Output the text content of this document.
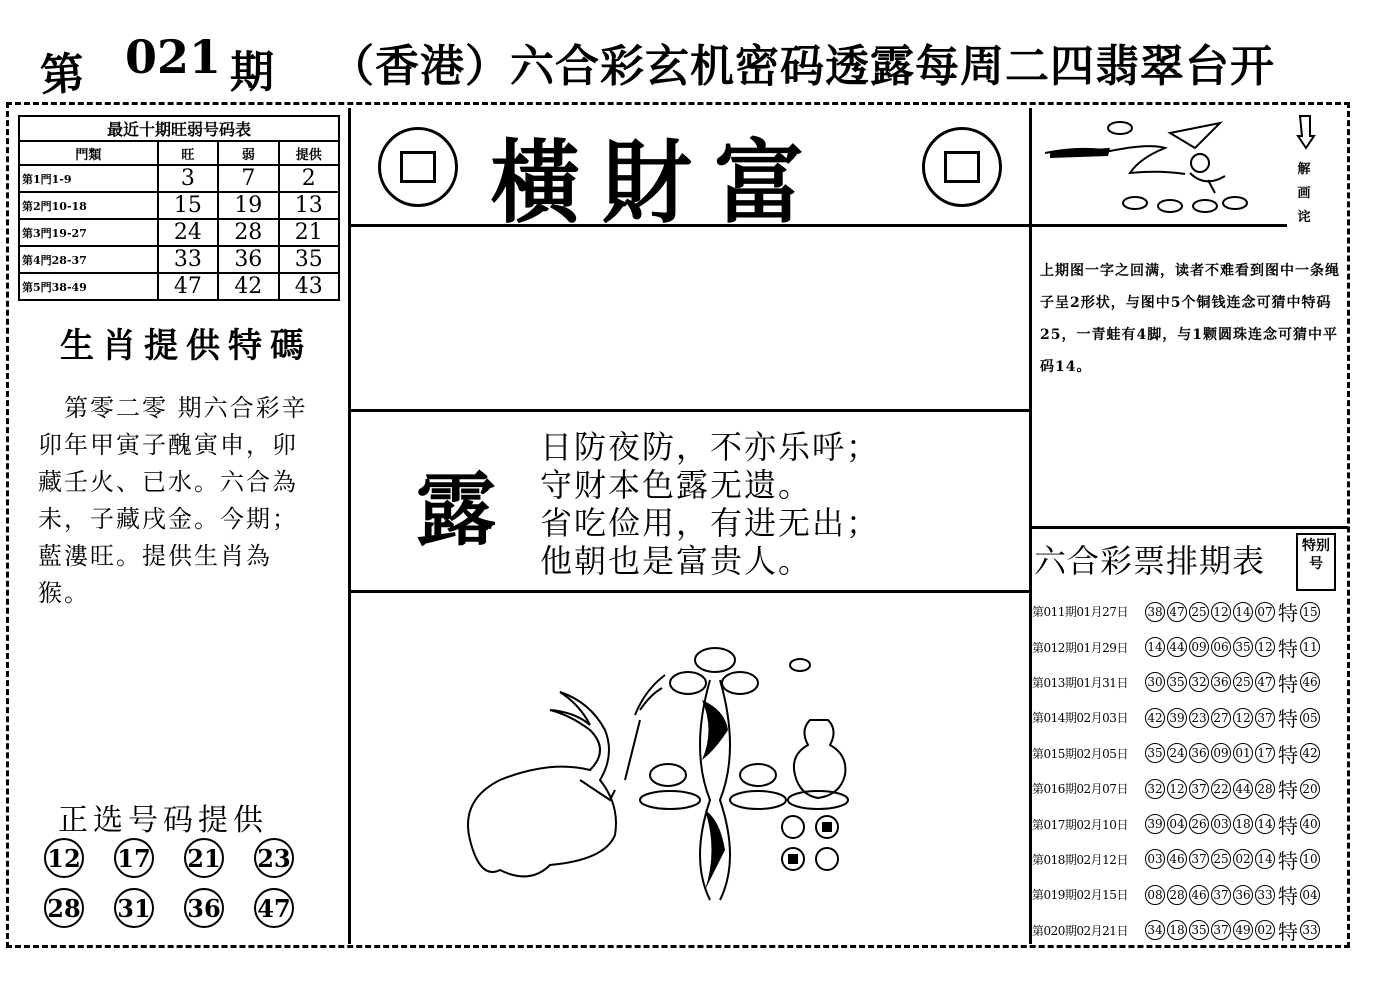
第 021 期 （香港）六合彩玄机密码透露每周二四翡翠台开
最近十期旺弱号码表			
門類	旺	弱	提供
第1門1-9	3	7	2
第2門10-18	15	19	13
第3門19-27	24	28	21
第4門28-37	33	36	35
第5門38-49	47	42	43
生肖提供特碼
　第零二零 期六合彩辛卯年甲寅子醜寅申，卯藏壬火、已水。六合為未，子藏戌金。今期；藍漊旺。提供生肖為猴。
正选号码提供
12 17 21 23
28 31 36 47
橫財富
露
日防夜防，不亦乐呼；
守财本色露无遗。
省吃俭用，有进无出；
他朝也是富贵人。
解画诧
上期图一字之回满，读者不难看到图中一条绳子呈2形状，与图中5个铜钱连念可猜中特码25，一青蛙有4脚，与1颗圆珠连念可猜中平码14。
六合彩票排期表	特别号
第011期01月27日	38 47 25 12 14 07 特 15
第012期01月29日	14 44 09 06 35 12 特 11
第013期01月31日	30 35 32 36 25 47 特 46
第014期02月03日	42 39 23 27 12 37 特 05
第015期02月05日	35 24 36 09 01 17 特 42
第016期02月07日	32 12 37 22 44 28 特 20
第017期02月10日	39 04 26 03 18 14 特 40
第018期02月12日	03 46 37 25 02 14 特 10
第019期02月15日	08 28 46 37 36 33 特 04
第020期02月21日	34 18 35 37 49 02 特 33
